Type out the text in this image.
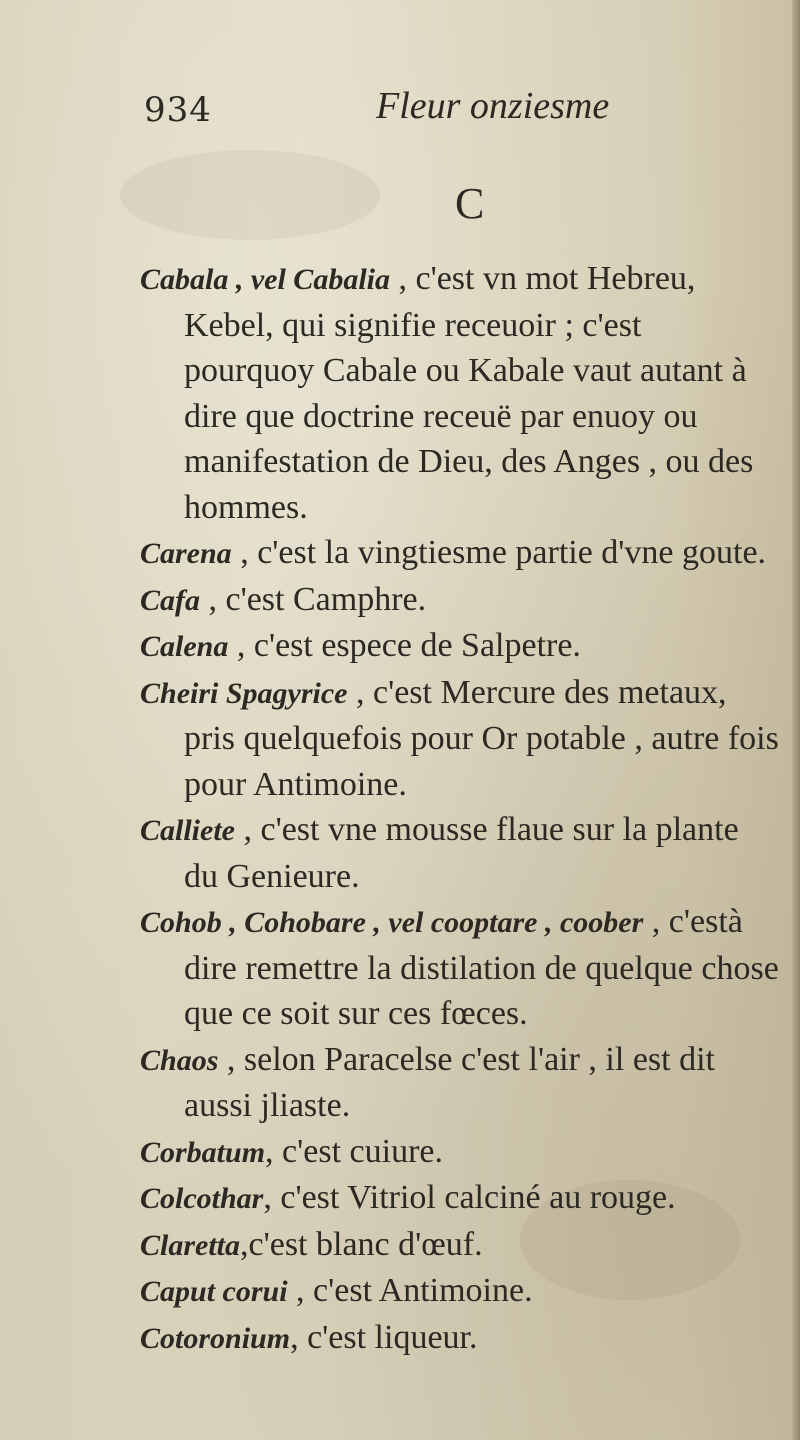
934	Fleur onziesme
C
Cabala , vel Cabalia , c'est vn mot Hebreu, Kebel, qui signifie receuoir ; c'est pourquoy Cabale ou Kabale vaut autant à dire que doctrine receuë par enuoy ou manifestation de Dieu, des Anges , ou des hommes.
Carena , c'est la vingtiesme partie d'vne goute.
Cafa , c'est Camphre.
Calena , c'est espece de Salpetre.
Cheiri Spagyrice , c'est Mercure des metaux, pris quelquefois pour Or potable , autre fois pour Antimoine.
Calliete , c'est vne mousse flaue sur la plante du Genieure.
Cohob , Cohobare , vel cooptare , coober , c'està dire remettre la distilation de quelque chose que ce soit sur ces fœces.
Chaos , selon Paracelse c'est l'air , il est dit aussi jliaste.
Corbatum, c'est cuiure.
Colcothar, c'est Vitriol calciné au rouge.
Claretta,c'est blanc d'œuf.
Caput corui , c'est Antimoine.
Cotoronium, c'est liqueur.
